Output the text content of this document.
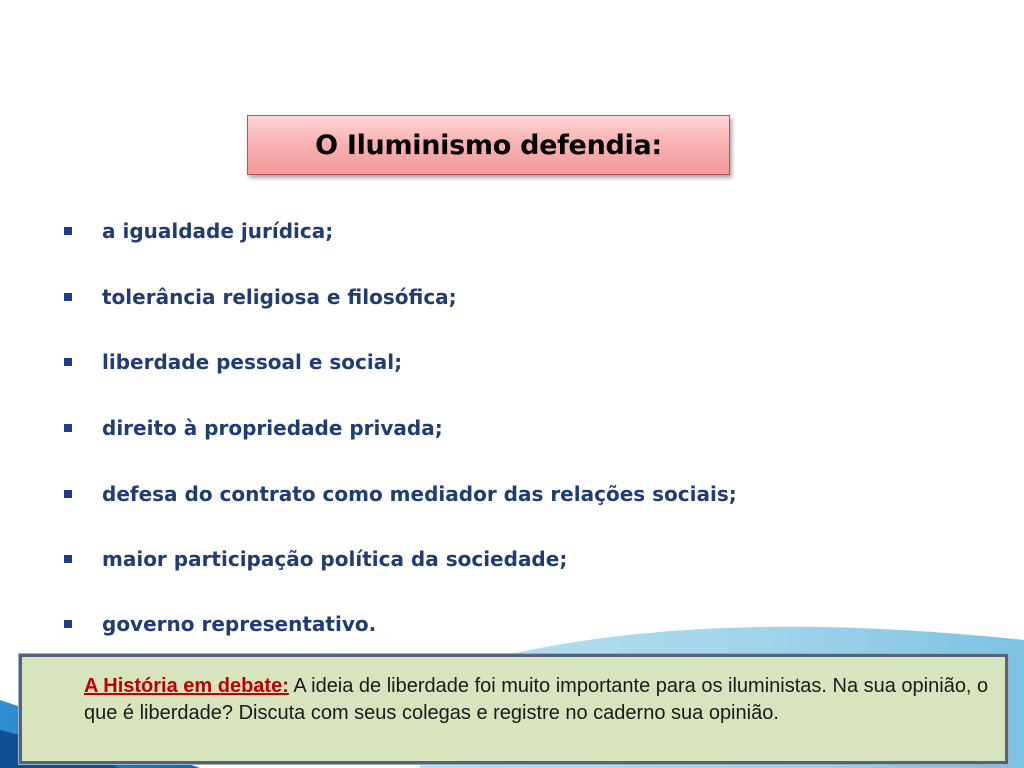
O Iluminismo defendia:
a igualdade jurídica;
tolerância religiosa e filosófica;
liberdade pessoal e social;
direito à propriedade privada;
defesa do contrato como mediador das relações sociais;
maior participação política da sociedade;
governo representativo.
A História em debate: A ideia de liberdade foi muito importante para os iluministas. Na sua opinião, o que é liberdade? Discuta com seus colegas e registre no caderno sua opinião.
